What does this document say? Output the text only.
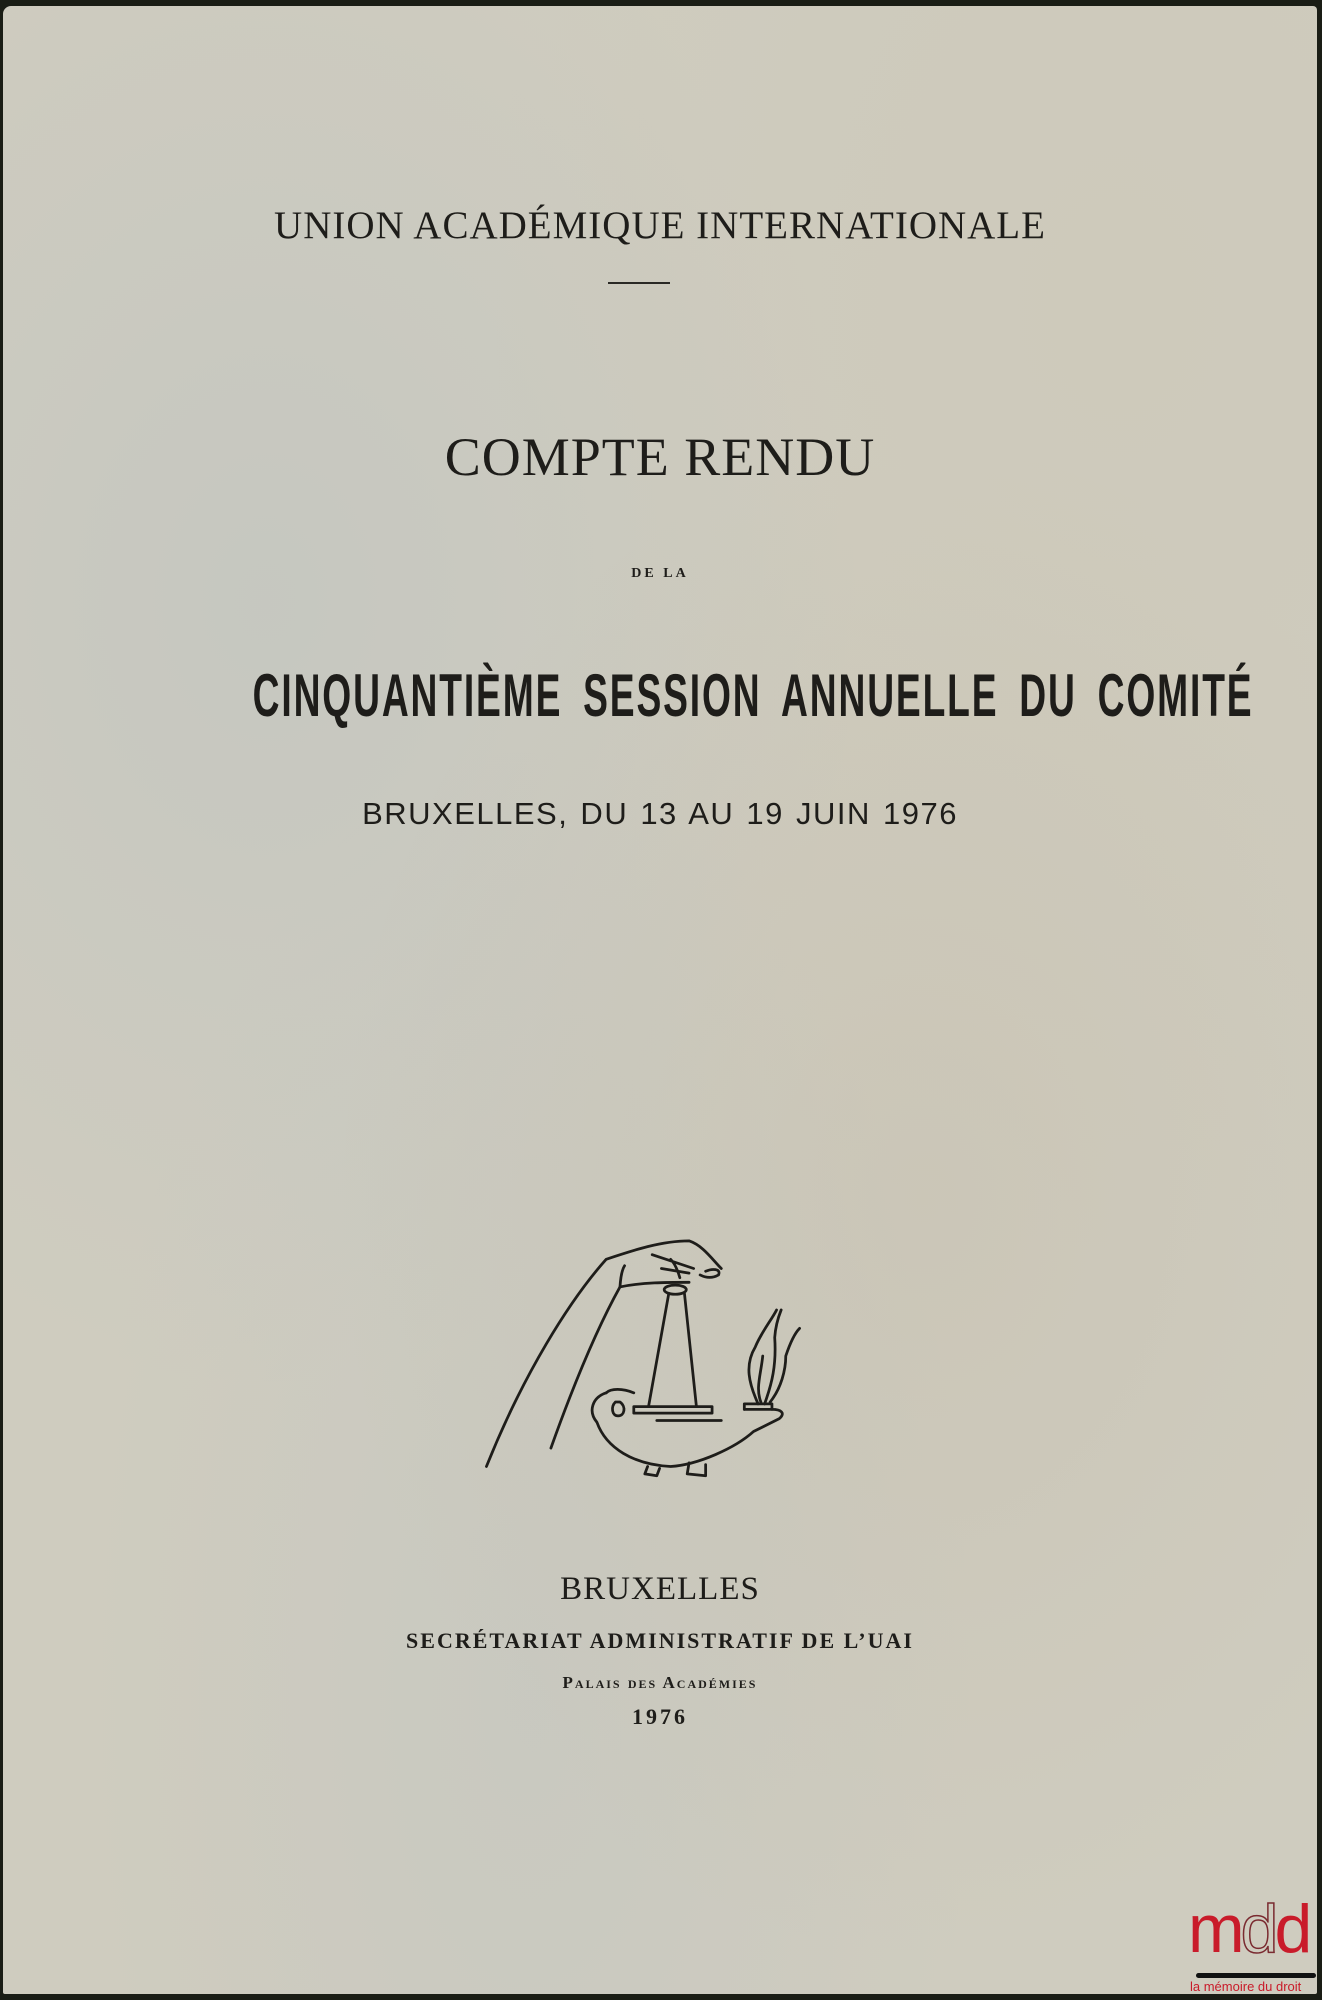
UNION ACADÉMIQUE INTERNATIONALE
COMPTE RENDU
DE LA
CINQUANTIÈME SESSION ANNUELLE DU COMITÉ
BRUXELLES, DU 13 AU 19 JUIN 1976
BRUXELLES
SECRÉTARIAT ADMINISTRATIF DE L’UAI
Palais des Académies
1976
mdd
la mémoire du droit
